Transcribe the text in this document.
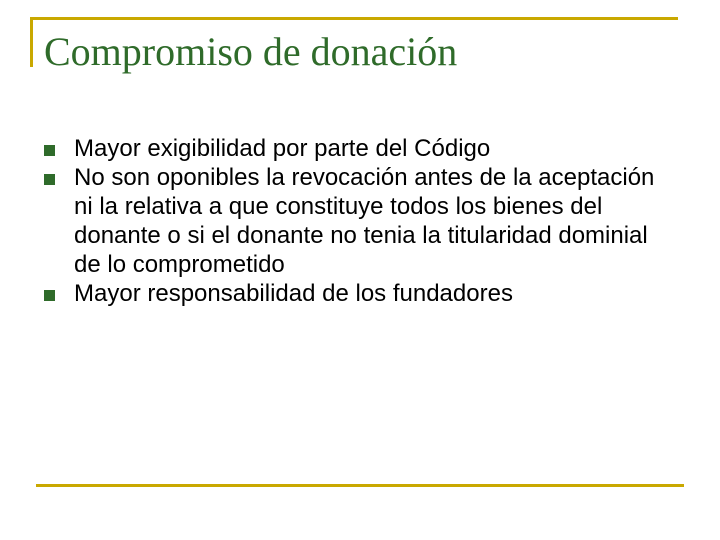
Compromiso de donación
Mayor exigibilidad por parte del Código
No son oponibles la revocación antes de la aceptación ni la relativa a que constituye todos los bienes del donante o si el donante no tenia la titularidad dominial de lo comprometido
Mayor responsabilidad de los fundadores
